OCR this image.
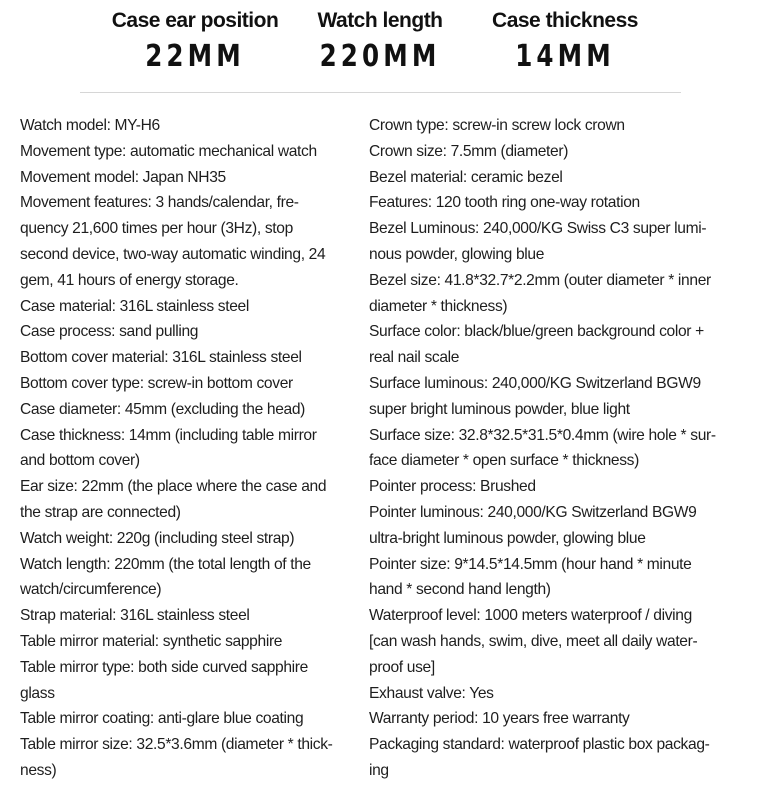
Case ear position
22MM
Watch length
220MM
Case thickness
14MM
Watch model: MY-H6
Movement type: automatic mechanical watch
Movement model: Japan NH35
Movement features: 3 hands/calendar, fre-
quency 21,600 times per hour (3Hz), stop
second device, two-way automatic winding, 24
gem, 41 hours of energy storage.
Case material: 316L stainless steel
Case process: sand pulling
Bottom cover material: 316L stainless steel
Bottom cover type: screw-in bottom cover
Case diameter: 45mm (excluding the head)
Case thickness: 14mm (including table mirror
and bottom cover)
Ear size: 22mm (the place where the case and
the strap are connected)
Watch weight: 220g (including steel strap)
Watch length: 220mm (the total length of the
watch/circumference)
Strap material: 316L stainless steel
Table mirror material: synthetic sapphire
Table mirror type: both side curved sapphire
glass
Table mirror coating: anti-glare blue coating
Table mirror size: 32.5*3.6mm (diameter * thick-
ness)
Crown type: screw-in screw lock crown
Crown size: 7.5mm (diameter)
Bezel material: ceramic bezel
Features: 120 tooth ring one-way rotation
Bezel Luminous: 240,000/KG Swiss C3 super lumi-
nous powder, glowing blue
Bezel size: 41.8*32.7*2.2mm (outer diameter * inner
diameter * thickness)
Surface color: black/blue/green background color +
real nail scale
Surface luminous: 240,000/KG Switzerland BGW9
super bright luminous powder, blue light
Surface size: 32.8*32.5*31.5*0.4mm (wire hole * sur-
face diameter * open surface * thickness)
Pointer process: Brushed
Pointer luminous: 240,000/KG Switzerland BGW9
ultra-bright luminous powder, glowing blue
Pointer size: 9*14.5*14.5mm (hour hand * minute
hand * second hand length)
Waterproof level: 1000 meters waterproof / diving
[can wash hands, swim, dive, meet all daily water-
proof use]
Exhaust valve: Yes
Warranty period: 10 years free warranty
Packaging standard: waterproof plastic box packag-
ing
